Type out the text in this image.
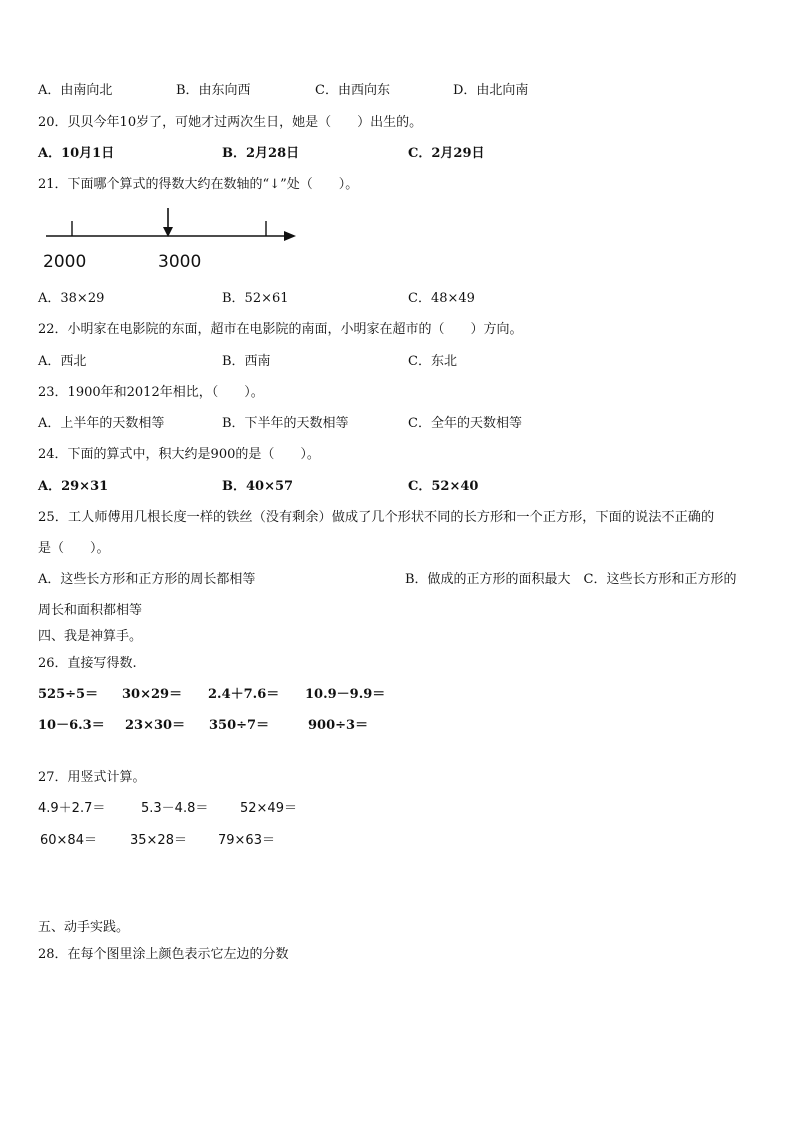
A．由南向北	B．由东向西	C．由西向东	D．由北向南
20．贝贝今年10岁了，可她才过两次生日，她是（　　）出生的。
A．10月1日	B．2月28日	C．2月29日
21．下面哪个算式的得数大约在数轴的“↓”处（　　）。
2000	3000
A．38×29	B．52×61	C．48×49
22．小明家在电影院的东面，超市在电影院的南面，小明家在超市的（　　）方向。
A．西北	B．西南	C．东北
23．1900年和2012年相比，（　　）。
A．上半年的天数相等	B．下半年的天数相等	C．全年的天数相等
24．下面的算式中，积大约是900的是（　　）。
A．29×31	B．40×57	C．52×40
25．工人师傅用几根长度一样的铁丝（没有剩余）做成了几个形状不同的长方形和一个正方形，下面的说法不正确的
是（　　）。
A．这些长方形和正方形的周长都相等	B．做成的正方形的面积最大　C．这些长方形和正方形的
周长和面积都相等
四、我是神算手。
26．直接写得数.
525÷5＝ 30×29＝ 2.4＋7.6＝ 10.9－9.9＝
10－6.3＝ 23×30＝ 350÷7＝	900÷3＝
27．用竖式计算。
4.9＋2.7＝	5.3－4.8＝ 52×49＝
60×84＝	35×28＝ 79×63＝
五、动手实践。
28．在每个图里涂上颜色表示它左边的分数
